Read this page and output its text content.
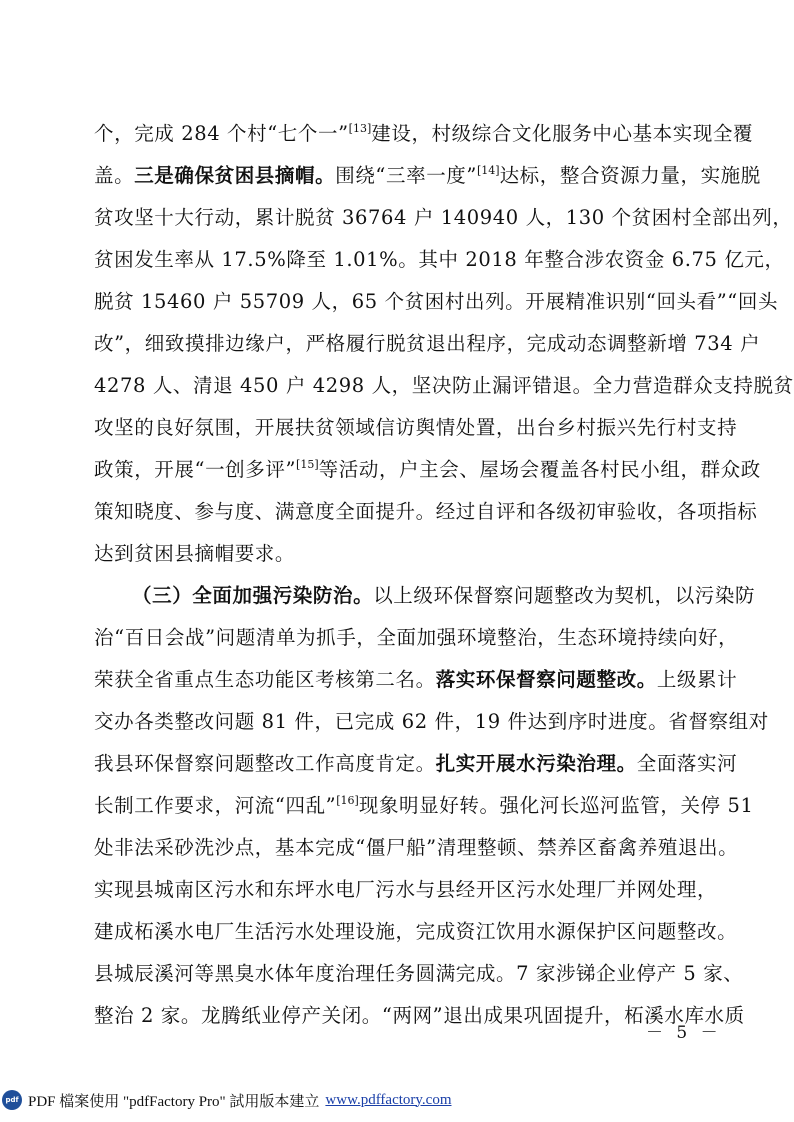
个，完成 284 个村“七个一”[13]建设，村级综合文化服务中心基本实现全覆
盖。三是确保贫困县摘帽。围绕“三率一度”[14]达标，整合资源力量，实施脱
贫攻坚十大行动，累计脱贫 36764 户 140940 人，130 个贫困村全部出列，
贫困发生率从 17.5%降至 1.01%。其中 2018 年整合涉农资金 6.75 亿元，
脱贫 15460 户 55709 人，65 个贫困村出列。开展精准识别“回头看”“回头
改”，细致摸排边缘户，严格履行脱贫退出程序，完成动态调整新增 734 户
4278 人、清退 450 户 4298 人，坚决防止漏评错退。全力营造群众支持脱贫
攻坚的良好氛围，开展扶贫领域信访舆情处置，出台乡村振兴先行村支持
政策，开展“一创多评”[15]等活动，户主会、屋场会覆盖各村民小组，群众政
策知晓度、参与度、满意度全面提升。经过自评和各级初审验收，各项指标
达到贫困县摘帽要求。
（三）全面加强污染防治。以上级环保督察问题整改为契机，以污染防
治“百日会战”问题清单为抓手，全面加强环境整治，生态环境持续向好，
荣获全省重点生态功能区考核第二名。落实环保督察问题整改。上级累计
交办各类整改问题 81 件，已完成 62 件，19 件达到序时进度。省督察组对
我县环保督察问题整改工作高度肯定。扎实开展水污染治理。全面落实河
长制工作要求，河流“四乱”[16]现象明显好转。强化河长巡河监管，关停 51
处非法采砂洗沙点，基本完成“僵尸船”清理整顿、禁养区畜禽养殖退出。
实现县城南区污水和东坪水电厂污水与县经开区污水处理厂并网处理，
建成柘溪水电厂生活污水处理设施，完成资江饮用水源保护区问题整改。
县城辰溪河等黑臭水体年度治理任务圆满完成。7 家涉锑企业停产 5 家、
整治 2 家。龙腾纸业停产关闭。“两网”退出成果巩固提升，柘溪水库水质
－ 5 －
pdf PDF 檔案使用 "pdfFactory Pro" 試用版本建立 www.pdffactory.com
